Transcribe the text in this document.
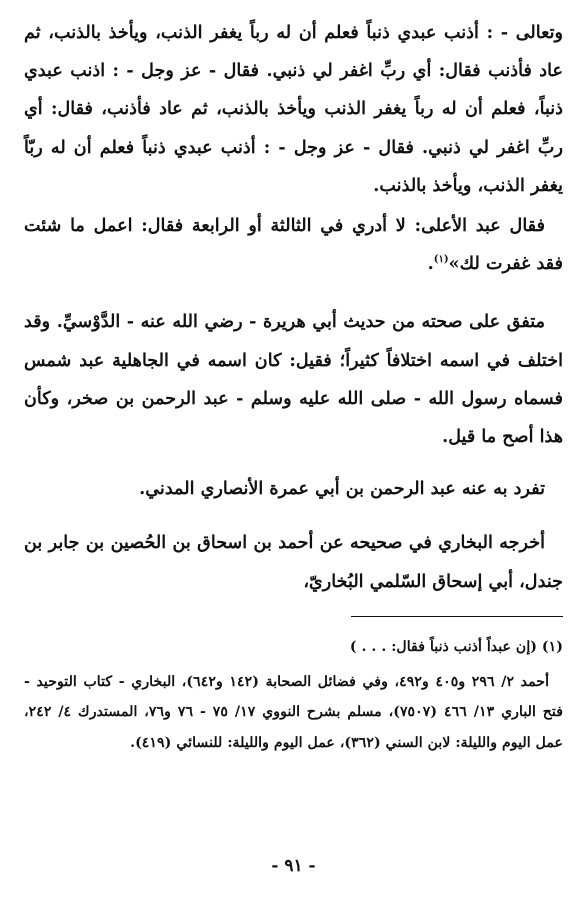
وتعالى - : أذنب عبدي ذنباً فعلم أن له رباً يغفر الذنب، ويأخذ بالذنب، ثم عاد فأذنب فقال: أي ربِّ اغفر لي ذنبي. فقال - عز وجل - : اذنب عبدي ذنباً، فعلم أن له رباً يغفر الذنب ويأخذ بالذنب، ثم عاد فأذنب، فقال: أي ربِّ اغفر لي ذنبي. فقال - عز وجل - : أذنب عبدي ذنباً فعلم أن له ربّاً يغفر الذنب، ويأخذ بالذنب.

فقال عبد الأعلى: لا أدري في الثالثة أو الرابعة فقال: اعمل ما شئت فقد غفرت لك»$^{(١)}$.

متفق على صحته من حديث أبي هريرة - رضي الله عنه - الدَّوْسيِّ. وقد اختلف في اسمه اختلافاً كثيراً؛ فقيل: كان اسمه في الجاهلية عبد شمس فسماه رسول الله - صلى الله عليه وسلم - عبد الرحمن بن صخر، وكأن هذا أصح ما قيل.

تفرد به عنه عبد الرحمن بن أبي عمرة الأنصاري المدني.

أخرجه البخاري في صحيحه عن أحمد بن اسحاق بن الحُصين بن جابر بن جندل، أبي إسحاق السّلمي البُخاريّ،

(١) (إن عبداً أذنب ذنباً فقال: . . . )

أحمد ٢/ ٢٩٦ و٤٠٥ و٤٩٢، وفي فضائل الصحابة (١٤٢ و٦٤٢)، البخاري - كتاب التوحيد - فتح الباري ١٣/ ٤٦٦ (٧٥٠٧)، مسلم بشرح النووي ١٧/ ٧٥ - ٧٦ و٧٦، المستدرك ٤/ ٢٤٢، عمل اليوم والليلة: لابن السني (٣٦٢)، عمل اليوم والليلة: للنسائي (٤١٩).

- ٩١ -
